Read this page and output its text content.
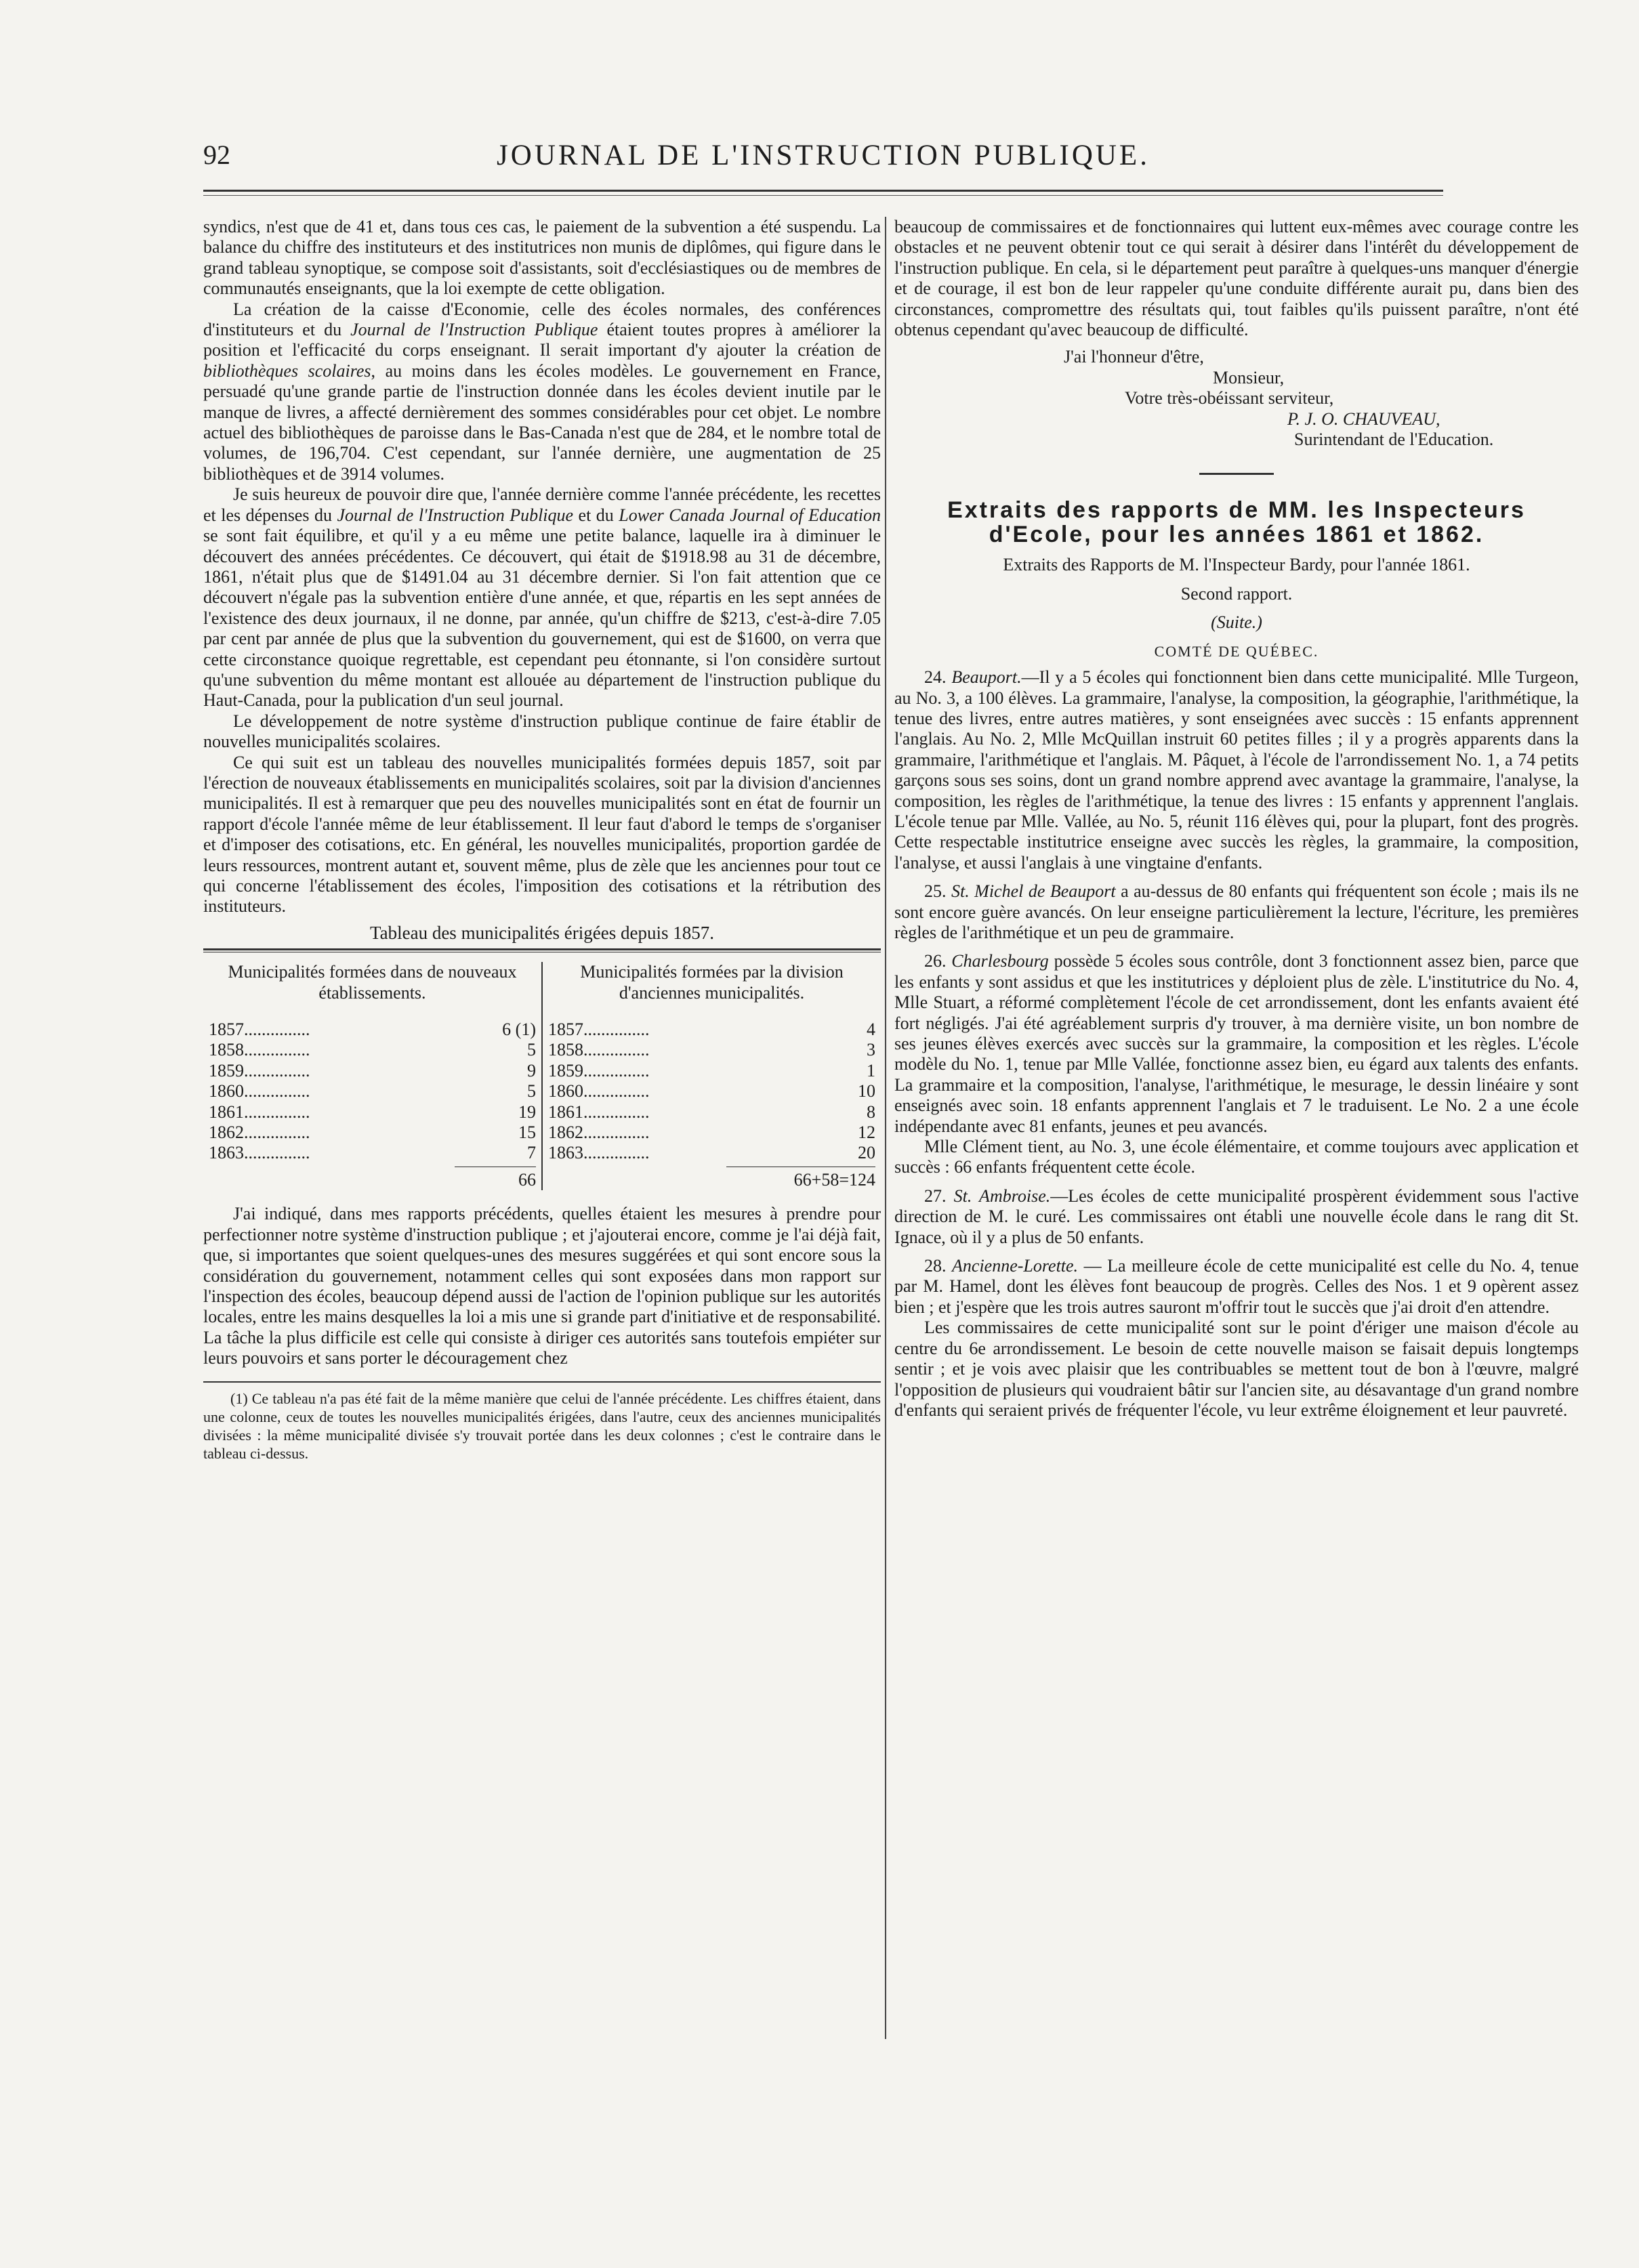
92	JOURNAL DE L'INSTRUCTION PUBLIQUE.

syndics, n'est que de 41 et, dans tous ces cas, le paiement de la subvention a été suspendu. La balance du chiffre des instituteurs et des institutrices non munis de diplômes, qui figure dans le grand tableau synoptique, se compose soit d'assistants, soit d'ecclésiastiques ou de membres de communautés enseignants, que la loi exempte de cette obligation.

La création de la caisse d'Economie, celle des écoles normales, des conférences d'instituteurs et du Journal de l'Instruction Publique étaient toutes propres à améliorer la position et l'efficacité du corps enseignant. Il serait important d'y ajouter la création de bibliothèques scolaires, au moins dans les écoles modèles. Le gouvernement en France, persuadé qu'une grande partie de l'instruction donnée dans les écoles devient inutile par le manque de livres, a affecté dernièrement des sommes considérables pour cet objet. Le nombre actuel des bibliothèques de paroisse dans le Bas-Canada n'est que de 284, et le nombre total de volumes, de 196,704. C'est cependant, sur l'année dernière, une augmentation de 25 bibliothèques et de 3914 volumes.

Je suis heureux de pouvoir dire que, l'année dernière comme l'année précédente, les recettes et les dépenses du Journal de l'Instruction Publique et du Lower Canada Journal of Education se sont fait équilibre, et qu'il y a eu même une petite balance, laquelle ira à diminuer le découvert des années précédentes. Ce découvert, qui était de $1918.98 au 31 de décembre, 1861, n'était plus que de $1491.04 au 31 décembre dernier. Si l'on fait attention que ce découvert n'égale pas la subvention entière d'une année, et que, répartis en les sept années de l'existence des deux journaux, il ne donne, par année, qu'un chiffre de $213, c'est-à-dire 7.05 par cent par année de plus que la subvention du gouvernement, qui est de $1600, on verra que cette circonstance quoique regrettable, est cependant peu étonnante, si l'on considère surtout qu'une subvention du même montant est allouée au département de l'instruction publique du Haut-Canada, pour la publication d'un seul journal.

Le développement de notre système d'instruction publique continue de faire établir de nouvelles municipalités scolaires.

Ce qui suit est un tableau des nouvelles municipalités formées depuis 1857, soit par l'érection de nouveaux établissements en municipalités scolaires, soit par la division d'anciennes municipalités. Il est à remarquer que peu des nouvelles municipalités sont en état de fournir un rapport d'école l'année même de leur établissement. Il leur faut d'abord le temps de s'organiser et d'imposer des cotisations, etc. En général, les nouvelles municipalités, proportion gardée de leurs ressources, montrent autant et, souvent même, plus de zèle que les anciennes pour tout ce qui concerne l'établissement des écoles, l'imposition des cotisations et la rétribution des instituteurs.

Tableau des municipalités érigées depuis 1857.
Municipalités formées dans de nouveaux établissements.
1857...............	6 (1)
1858...............	5
1859...............	9
1860...............	5
1861...............	19
1862...............	15
1863...............	7
66
Municipalités formées par la division d'anciennes municipalités.
1857...............	4
1858...............	3
1859...............	1
1860...............	10
1861...............	8
1862...............	12
1863...............	20
66+58=124

J'ai indiqué, dans mes rapports précédents, quelles étaient les mesures à prendre pour perfectionner notre système d'instruction publique ; et j'ajouterai encore, comme je l'ai déjà fait, que, si importantes que soient quelques-unes des mesures suggérées et qui sont encore sous la considération du gouvernement, notamment celles qui sont exposées dans mon rapport sur l'inspection des écoles, beaucoup dépend aussi de l'action de l'opinion publique sur les autorités locales, entre les mains desquelles la loi a mis une si grande part d'initiative et de responsabilité. La tâche la plus difficile est celle qui consiste à diriger ces autorités sans toutefois empiéter sur leurs pouvoirs et sans porter le découragement chez

(1) Ce tableau n'a pas été fait de la même manière que celui de l'année précédente. Les chiffres étaient, dans une colonne, ceux de toutes les nouvelles municipalités érigées, dans l'autre, ceux des anciennes municipalités divisées : la même municipalité divisée s'y trouvait portée dans les deux colonnes ; c'est le contraire dans le tableau ci-dessus.

beaucoup de commissaires et de fonctionnaires qui luttent eux-mêmes avec courage contre les obstacles et ne peuvent obtenir tout ce qui serait à désirer dans l'intérêt du développement de l'instruction publique. En cela, si le département peut paraître à quelques-uns manquer d'énergie et de courage, il est bon de leur rappeler qu'une conduite différente aurait pu, dans bien des circonstances, compromettre des résultats qui, tout faibles qu'ils puissent paraître, n'ont été obtenus cependant qu'avec beaucoup de difficulté.

J'ai l'honneur d'être,
Monsieur,
Votre très-obéissant serviteur,
P. J. O. CHAUVEAU,
Surintendant de l'Education.
Extraits des rapports de MM. les Inspecteurs d'Ecole, pour les années 1861 et 1862.
Extraits des Rapports de M. l'Inspecteur Bardy, pour l'année 1861.
Second rapport.
(Suite.)
COMTÉ DE QUÉBEC.

24. Beauport.—Il y a 5 écoles qui fonctionnent bien dans cette municipalité. Mlle Turgeon, au No. 3, a 100 élèves. La grammaire, l'analyse, la composition, la géographie, l'arithmétique, la tenue des livres, entre autres matières, y sont enseignées avec succès : 15 enfants apprennent l'anglais. Au No. 2, Mlle McQuillan instruit 60 petites filles ; il y a progrès apparents dans la grammaire, l'arithmétique et l'anglais. M. Pâquet, à l'école de l'arrondissement No. 1, a 74 petits garçons sous ses soins, dont un grand nombre apprend avec avantage la grammaire, l'analyse, la composition, les règles de l'arithmétique, la tenue des livres : 15 enfants y apprennent l'anglais. L'école tenue par Mlle. Vallée, au No. 5, réunit 116 élèves qui, pour la plupart, font des progrès. Cette respectable institutrice enseigne avec succès les règles, la grammaire, la composition, l'analyse, et aussi l'anglais à une vingtaine d'enfants.

25. St. Michel de Beauport a au-dessus de 80 enfants qui fréquentent son école ; mais ils ne sont encore guère avancés. On leur enseigne particulièrement la lecture, l'écriture, les premières règles de l'arithmétique et un peu de grammaire.

26. Charlesbourg possède 5 écoles sous contrôle, dont 3 fonctionnent assez bien, parce que les enfants y sont assidus et que les institutrices y déploient plus de zèle. L'institutrice du No. 4, Mlle Stuart, a réformé complètement l'école de cet arrondissement, dont les enfants avaient été fort négligés. J'ai été agréablement surpris d'y trouver, à ma dernière visite, un bon nombre de ses jeunes élèves exercés avec succès sur la grammaire, la composition et les règles. L'école modèle du No. 1, tenue par Mlle Vallée, fonctionne assez bien, eu égard aux talents des enfants. La grammaire et la composition, l'analyse, l'arithmétique, le mesurage, le dessin linéaire y sont enseignés avec soin. 18 enfants apprennent l'anglais et 7 le traduisent. Le No. 2 a une école indépendante avec 81 enfants, jeunes et peu avancés.

Mlle Clément tient, au No. 3, une école élémentaire, et comme toujours avec application et succès : 66 enfants fréquentent cette école.

27. St. Ambroise.—Les écoles de cette municipalité prospèrent évidemment sous l'active direction de M. le curé. Les commissaires ont établi une nouvelle école dans le rang dit St. Ignace, où il y a plus de 50 enfants.

28. Ancienne-Lorette. — La meilleure école de cette municipalité est celle du No. 4, tenue par M. Hamel, dont les élèves font beaucoup de progrès. Celles des Nos. 1 et 9 opèrent assez bien ; et j'espère que les trois autres sauront m'offrir tout le succès que j'ai droit d'en attendre.

Les commissaires de cette municipalité sont sur le point d'ériger une maison d'école au centre du 6e arrondissement. Le besoin de cette nouvelle maison se faisait depuis longtemps sentir ; et je vois avec plaisir que les contribuables se mettent tout de bon à l'œuvre, malgré l'opposition de plusieurs qui voudraient bâtir sur l'ancien site, au désavantage d'un grand nombre d'enfants qui seraient privés de fréquenter l'école, vu leur extrême éloignement et leur pauvreté.
